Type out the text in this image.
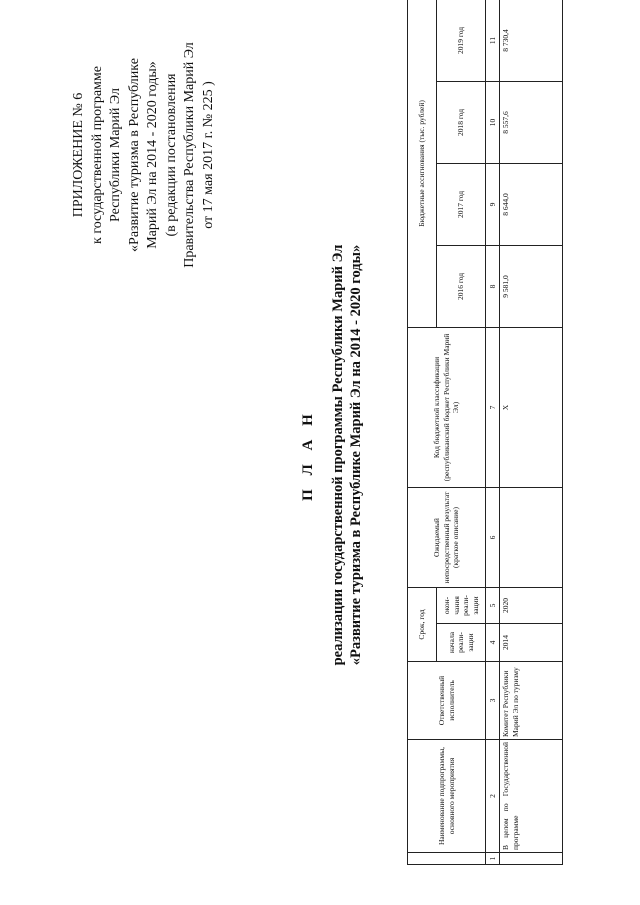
ПРИЛОЖЕНИЕ № 6 к государственной программе Республики Марий Эл «Развитие туризма в Республике Марий Эл на 2014 - 2020 годы» (в редакции постановления Правительства Республики Марий Эл от 17 мая 2017 г. № 225 )
П Л А Н реализации государственной программы Республики Марий Эл «Развитие туризма в Республике Марий Эл на 2014 - 2020 годы»
	Наименование подпрограммы, основного мероприятия	Ответственный исполнитель	Срок, год		Ожидаемый непосредственный результат (краткое описание)	Код бюджетной классификации (республиканский бюджет Республики Марий Эл)	Бюджетные ассигнования (тыс. рублей)			
			начала реали- зации	окон- чания реали- зации			2016 год	2017 год	2018 год	2019 год
1	2	3	4	5	6	7	8	9	10	11
	В целом по Государственной программе	Комитет Республики Марий Эл по туризму	2014	2020		Х	9 581,0	8 644,0	8 557,6	8 730,4
